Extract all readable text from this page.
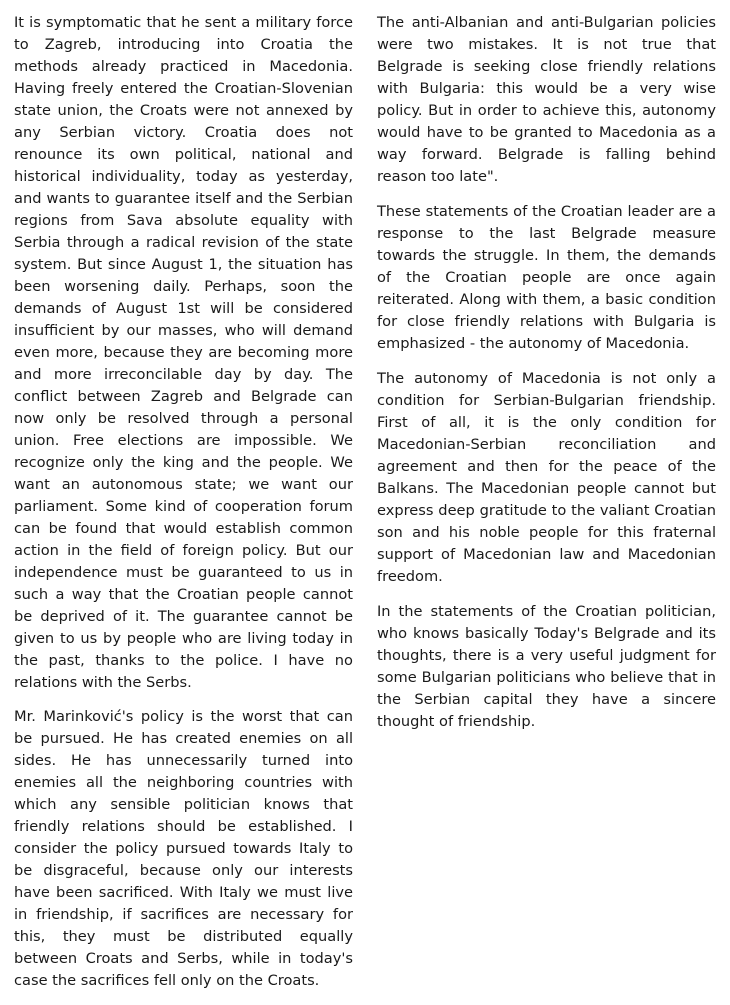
It is symptomatic that he sent a military force to Zagreb, introducing into Croatia the methods already practiced in Macedonia. Having freely entered the Croatian-Slovenian state union, the Croats were not annexed by any Serbian victory. Croatia does not renounce its own political, national and historical individuality, today as yesterday, and wants to guarantee itself and the Serbian regions from Sava absolute equality with Serbia through a radical revision of the state system. But since August 1, the situation has been worsening daily. Perhaps, soon the demands of August 1st will be considered insufficient by our masses, who will demand even more, because they are becoming more and more irreconcilable day by day. The conflict between Zagreb and Belgrade can now only be resolved through a personal union. Free elections are impossible. We recognize only the king and the people. We want an autonomous state; we want our parliament. Some kind of cooperation forum can be found that would establish common action in the field of foreign policy. But our independence must be guaranteed to us in such a way that the Croatian people cannot be deprived of it. The guarantee cannot be given to us by people who are living today in the past, thanks to the police. I have no relations with the Serbs.

Mr. Marinković's policy is the worst that can be pursued. He has created enemies on all sides. He has unnecessarily turned into enemies all the neighboring countries with which any sensible politician knows that friendly relations should be established. I consider the policy pursued towards Italy to be disgraceful, because only our interests have been sacrificed. With Italy we must live in friendship, if sacrifices are necessary for this, they must be distributed equally between Croats and Serbs, while in today's case the sacrifices fell only on the Croats.

The anti-Albanian and anti-Bulgarian policies were two mistakes. It is not true that Belgrade is seeking close friendly relations with Bulgaria: this would be a very wise policy. But in order to achieve this, autonomy would have to be granted to Macedonia as a way forward. Belgrade is falling behind reason too late".

These statements of the Croatian leader are a response to the last Belgrade measure towards the struggle. In them, the demands of the Croatian people are once again reiterated. Along with them, a basic condition for close friendly relations with Bulgaria is emphasized - the autonomy of Macedonia.

The autonomy of Macedonia is not only a condition for Serbian-Bulgarian friendship. First of all, it is the only condition for Macedonian-Serbian reconciliation and agreement and then for the peace of the Balkans. The Macedonian people cannot but express deep gratitude to the valiant Croatian son and his noble people for this fraternal support of Macedonian law and Macedonian freedom.

In the statements of the Croatian politician, who knows basically Today's Belgrade and its thoughts, there is a very useful judgment for some Bulgarian politicians who believe that in the Serbian capital they have a sincere thought of friendship.
